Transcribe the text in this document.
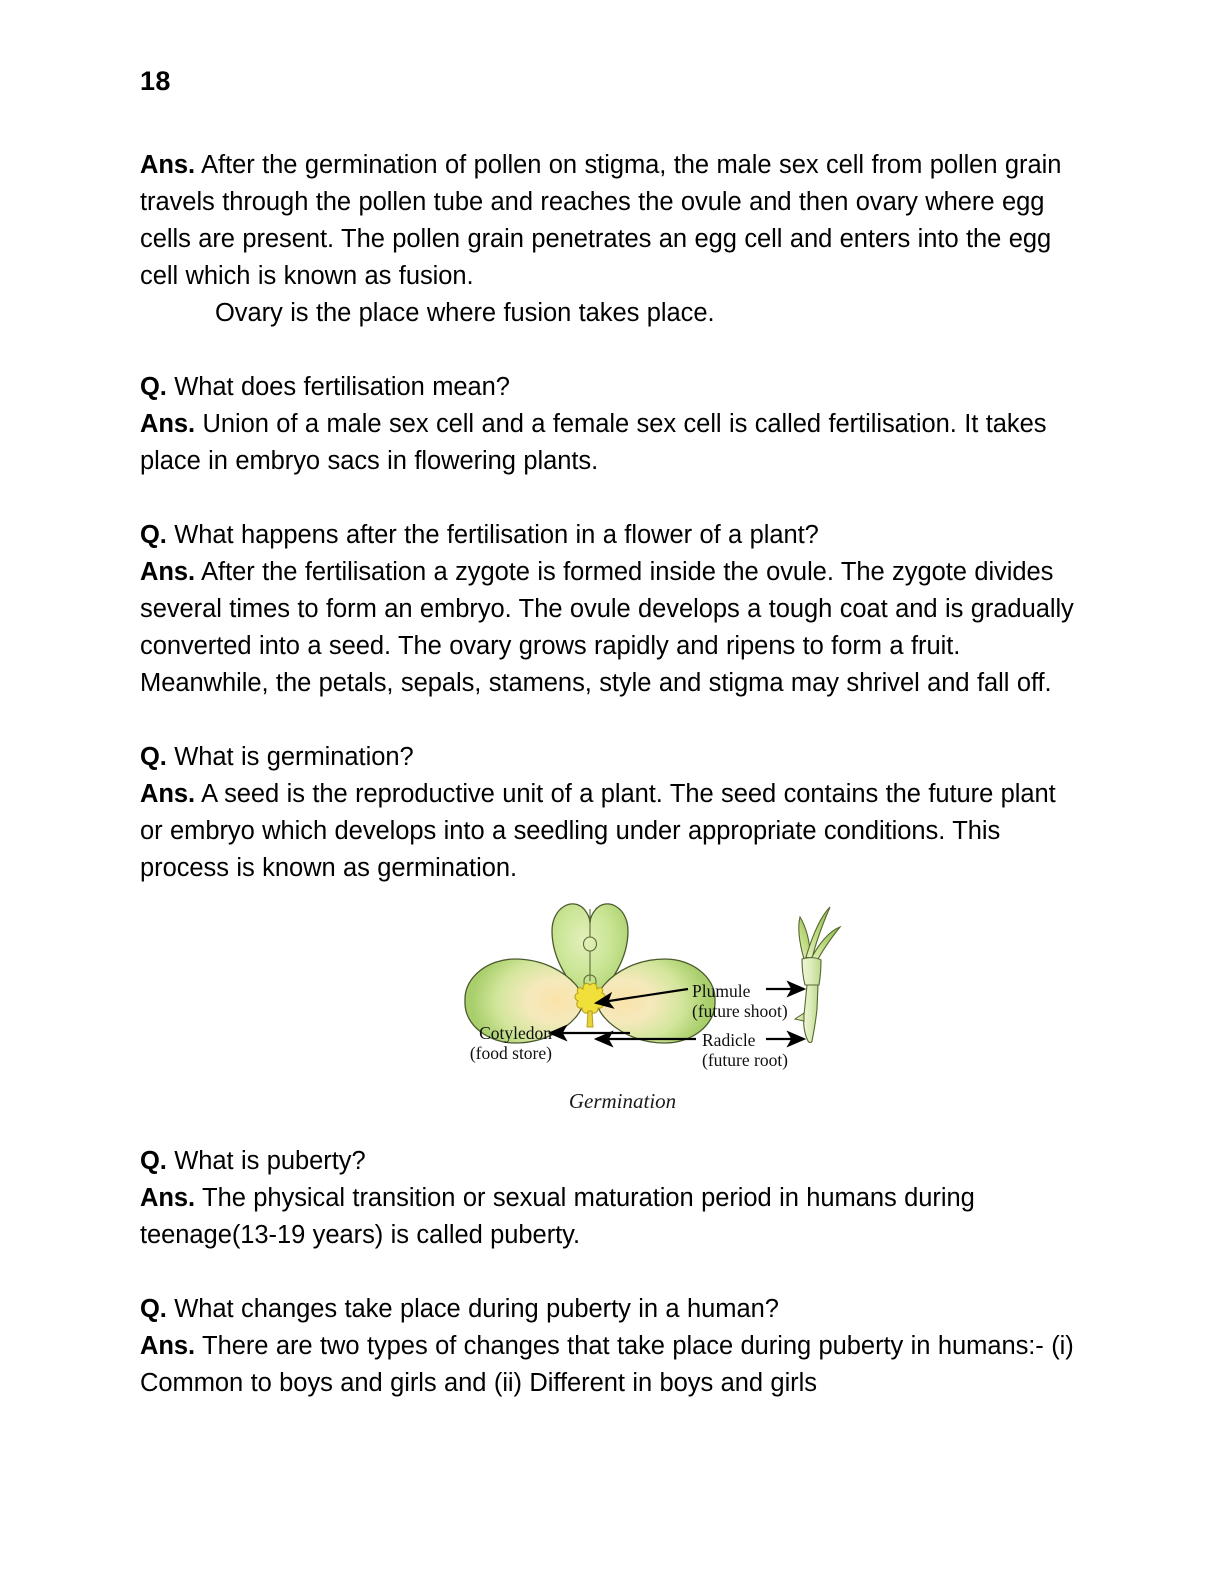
18
Ans. After the germination of pollen on stigma, the male sex cell from pollen grain travels through the pollen tube and reaches the ovule and then ovary where egg cells are present. The pollen grain penetrates an egg cell and enters into the egg cell which is known as fusion.
Ovary is the place where fusion takes place.
Q. What does fertilisation mean?
Ans. Union of a male sex cell and a female sex cell is called fertilisation. It takes place in embryo sacs in flowering plants.
Q. What happens after the fertilisation in a flower of a plant?
Ans. After the fertilisation a zygote is formed inside the ovule. The zygote divides several times to form an embryo. The ovule develops a tough coat and is gradually converted into a seed. The ovary grows rapidly and ripens to form a fruit. Meanwhile, the petals, sepals, stamens, style and stigma may shrivel and fall off.
Q. What is germination?
Ans. A seed is the reproductive unit of a plant. The seed contains the future plant or embryo which develops into a seedling under appropriate conditions. This process is known as germination.
Cotyledon
(food store)
Plumule
(future shoot)
Radicle
(future root)
Germination
Q. What is puberty?
Ans. The physical transition or sexual maturation period in humans during teenage(13-19 years) is called puberty.
Q. What changes take place during puberty in a human?
Ans. There are two types of changes that take place during puberty in humans:- (i) Common to boys and girls and (ii) Different in boys and girls
